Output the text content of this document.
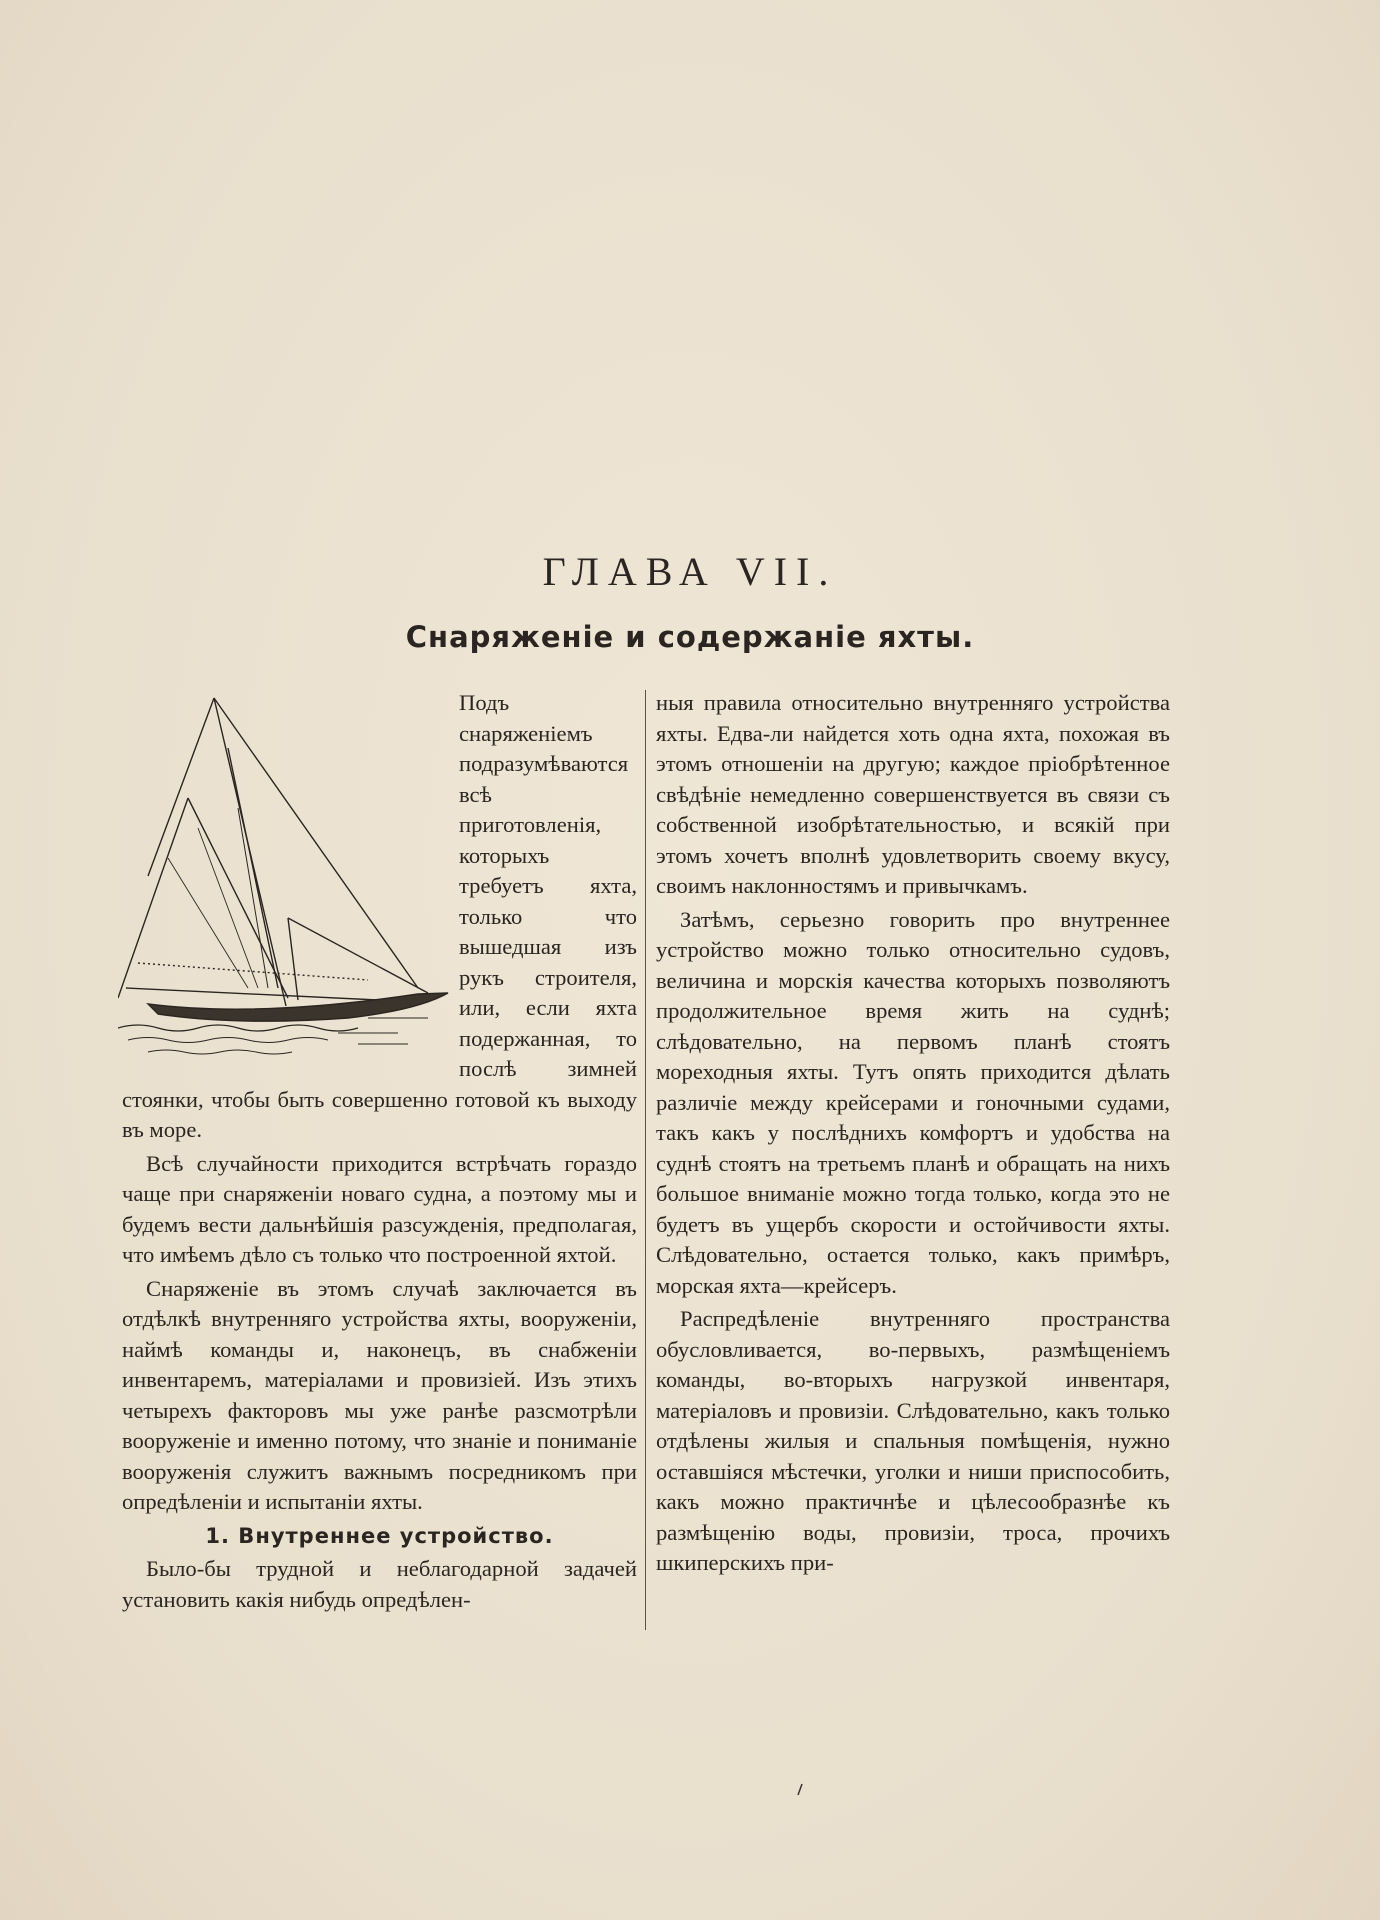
ГЛАВА VII.
Снаряженіе и содержаніе яхты.

Подъ снаряженіемъ подразумѣваются всѣ приготовленія, которыхъ требуетъ яхта, только что вышедшая изъ рукъ строителя, или, если яхта подержанная, то послѣ зимней стоянки, чтобы быть совершенно готовой къ выходу въ море.

Всѣ случайности приходится встрѣчать гораздо чаще при снаряженіи новаго судна, а поэтому мы и будемъ вести дальнѣйшія разсужденія, предполагая, что имѣемъ дѣло съ только что построенной яхтой.

Снаряженіе въ этомъ случаѣ заключается въ отдѣлкѣ внутренняго устройства яхты, вооруженіи, наймѣ команды и, наконецъ, въ снабженіи инвентаремъ, матеріалами и провизіей. Изъ этихъ четырехъ факторовъ мы уже ранѣе разсмотрѣли вооруженіе и именно потому, что знаніе и пониманіе вооруженія служитъ важнымъ посредникомъ при опредѣленіи и испытаніи яхты.

1. Внутреннее устройство.

Было-бы трудной и неблагодарной задачей установить какія нибудь опредѣлен-

ныя правила относительно внутренняго устройства яхты. Едва-ли найдется хоть одна яхта, похожая въ этомъ отношеніи на другую; каждое пріобрѣтенное свѣдѣніе немедленно совершенствуется въ связи съ собственной изобрѣтательностью, и всякій при этомъ хочетъ вполнѣ удовлетворить своему вкусу, своимъ наклонностямъ и привычкамъ.

Затѣмъ, серьезно говорить про внутреннее устройство можно только относительно судовъ, величина и морскія качества которыхъ позволяютъ продолжительное время жить на суднѣ; слѣдовательно, на первомъ планѣ стоятъ мореходныя яхты. Тутъ опять приходится дѣлать различіе между крейсерами и гоночными судами, такъ какъ у послѣднихъ комфортъ и удобства на суднѣ стоятъ на третьемъ планѣ и обращать на нихъ большое вниманіе можно тогда только, когда это не будетъ въ ущербъ скорости и остойчивости яхты. Слѣдовательно, остается только, какъ примѣръ, морская яхта—крейсеръ.

Распредѣленіе внутренняго пространства обусловливается, во-первыхъ, размѣщеніемъ команды, во-вторыхъ нагрузкой инвентаря, матеріаловъ и провизіи. Слѣдовательно, какъ только отдѣлены жилыя и спальныя помѣщенія, нужно оставшіяся мѣстечки, уголки и ниши приспособить, какъ можно практичнѣе и цѣлесообразнѣе къ размѣщенію воды, провизіи, троса, прочихъ шкиперскихъ при-
